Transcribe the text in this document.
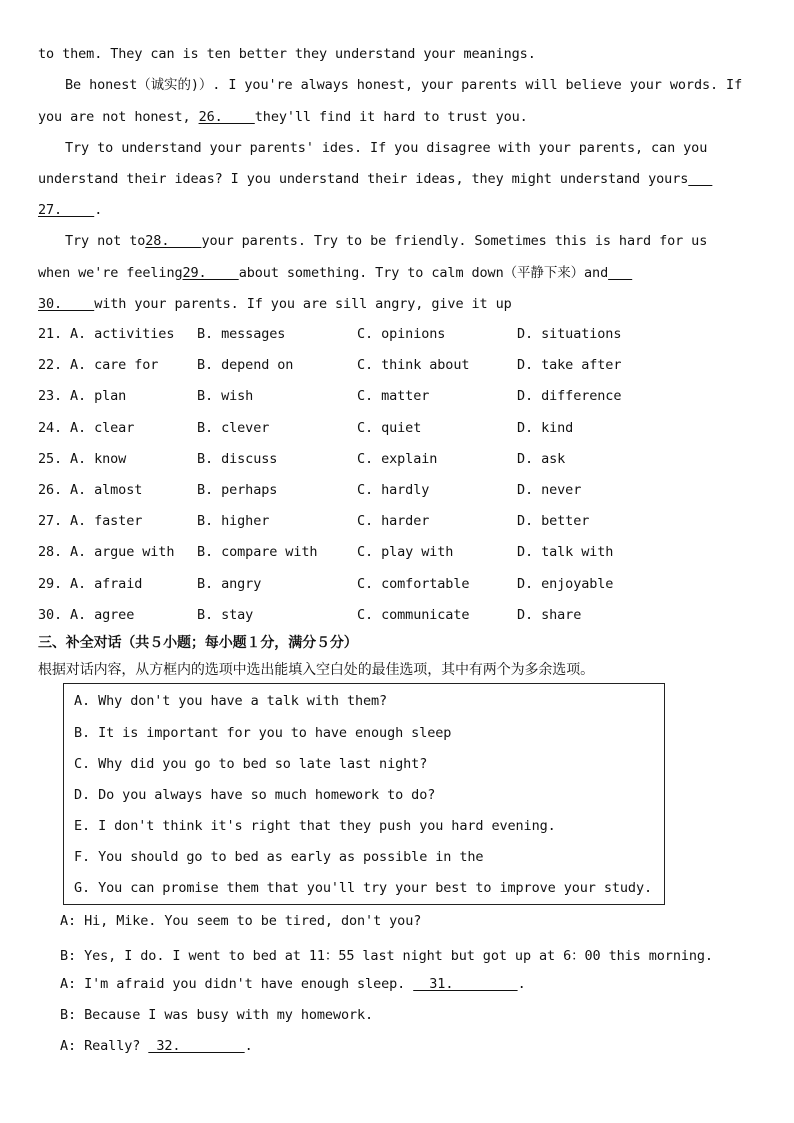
to them. They can is ten better they understand your meanings.
Be honest（诚实的)）. I you're always honest, your parents will believe your words. If
you are not honest, 26.    they'll find it hard to trust you.
Try to understand your parents' ides. If you disagree with your parents, can you
understand their ideas? I you understand their ideas, they might understand yours
27.    .
Try not to28.    your parents. Try to be friendly. Sometimes this is hard for us
when we're feeling29.    about something. Try to calm down（平静下来）and
30.    with your parents. If you are sill angry, give it up
21. A. activities B. messages	C. opinions	D. situations
22. A. care for	B. depend on	C. think about	D. take after
23. A. plan	B. wish	C. matter	D. difference
24. A. clear	B. clever	C. quiet	D. kind
25. A. know	B. discuss	C. explain	D. ask
26. A. almost	B. perhaps	C. hardly	D. never
27. A. faster	B. higher	C. harder	D. better
28. A. argue with B. compare with	C. play with	D. talk with
29. A. afraid	B. angry	C. comfortable	D. enjoyable
30. A. agree	B. stay	C. communicate	D. share
三、补全对话（共５小题；每小题１分，满分５分）
根据对话内容，从方框内的选项中选出能填入空白处的最佳选项，其中有两个为多余选项。
A. Why don't you have a talk with them?
B. It is important for you to have enough sleep
C. Why did you go to bed so late last night?
D. Do you always have so much homework to do?
E. I don't think it's right that they push you hard evening.
F. You should go to bed as early as possible in the
G. You can promise them that you'll try your best to improve your study.
A: Hi, Mike. You seem to be tired, don't you?
B: Yes, I do. I went to bed at 11：55 last night but got up at 6：00 this morning.
A: I'm afraid you didn't have enough sleep.   31.        .
B: Because I was busy with my homework.
A: Really?  32.        .
